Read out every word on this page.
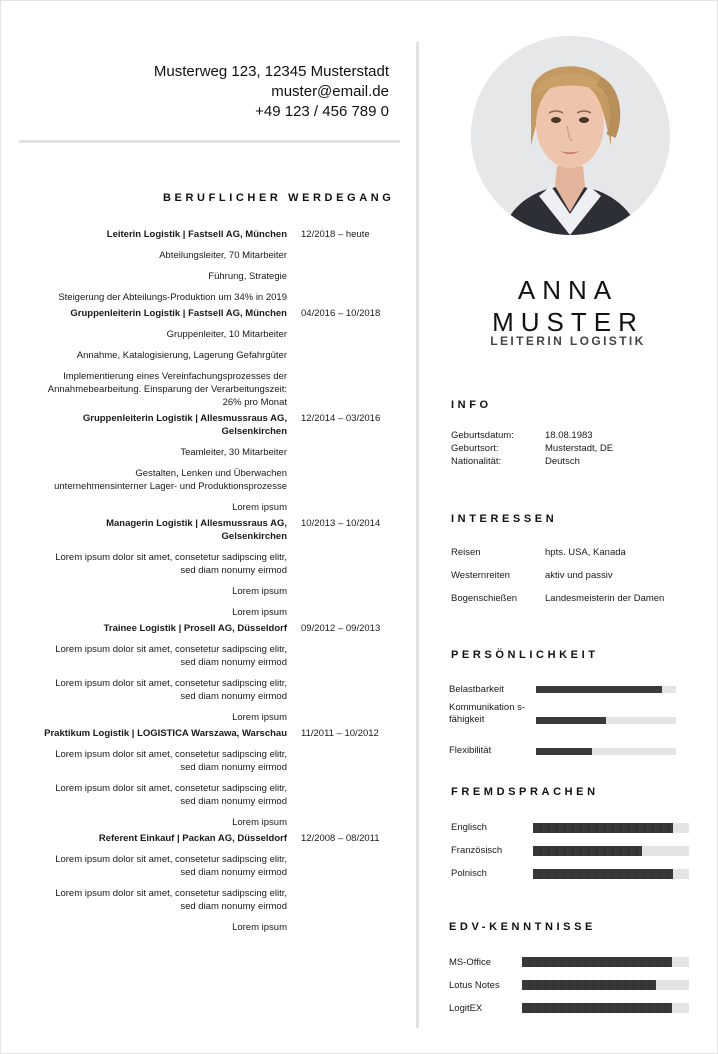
Musterweg 123, 12345 Musterstadt
muster@email.de
+49 123 / 456 789 0
BERUFLICHER WERDEGANG
Leiterin Logistik | Fastsell AG, München 12/2018 – heute
Abteilungsleiter, 70 Mitarbeiter
Führung, Strategie
Steigerung der Abteilungs-Produktion um 34% in 2019
Gruppenleiterin Logistik | Fastsell AG, München 04/2016 – 10/2018
Gruppenleiter, 10 Mitarbeiter
Annahme, Katalogisierung, Lagerung Gefahrgüter
Implementierung eines Vereinfachungsprozesses der Annahmebearbeitung. Einsparung der Verarbeitungszeit: 26% pro Monat
Gruppenleiterin Logistik | Allesmussraus AG, Gelsenkirchen
12/2014 – 03/2016
Teamleiter, 30 Mitarbeiter
Gestalten, Lenken und Überwachen unternehmensinterner Lager- und Produktionsprozesse
Lorem ipsum
Managerin Logistik | Allesmussraus AG, Gelsenkirchen
10/2013 – 10/2014
Lorem ipsum dolor sit amet, consetetur sadipscing elitr, sed diam nonumy eirmod
Lorem ipsum
Lorem ipsum
Trainee Logistik | Prosell AG, Düsseldorf 09/2012 – 09/2013
Lorem ipsum dolor sit amet, consetetur sadipscing elitr, sed diam nonumy eirmod
Lorem ipsum dolor sit amet, consetetur sadipscing elitr, sed diam nonumy eirmod
Lorem ipsum
Praktikum Logistik | LOGISTICA Warszawa, Warschau 11/2011 – 10/2012
Lorem ipsum dolor sit amet, consetetur sadipscing elitr, sed diam nonumy eirmod
Lorem ipsum dolor sit amet, consetetur sadipscing elitr, sed diam nonumy eirmod
Lorem ipsum
Referent Einkauf | Packan AG, Düsseldorf 12/2008 – 08/2011
Lorem ipsum dolor sit amet, consetetur sadipscing elitr, sed diam nonumy eirmod
Lorem ipsum dolor sit amet, consetetur sadipscing elitr, sed diam nonumy eirmod
Lorem ipsum
ANNA
MUSTER
LEITERIN LOGISTIK
INFO
Geburtsdatum:	18.08.1983
Geburtsort:	Musterstadt, DE
Nationalität:	Deutsch
INTERESSEN
Reisen	hpts. USA, Kanada
Westernreiten	aktiv und passiv
Bogenschießen	Landesmeisterin der Damen
PERSÖNLICHKEIT
Belastbarkeit
Kommunikation s- fähigkeit
Flexibilität
FREMDSPRACHEN
Englisch
Französisch
Polnisch
EDV-KENNTNISSE
MS-Office
Lotus Notes
LogitEX
